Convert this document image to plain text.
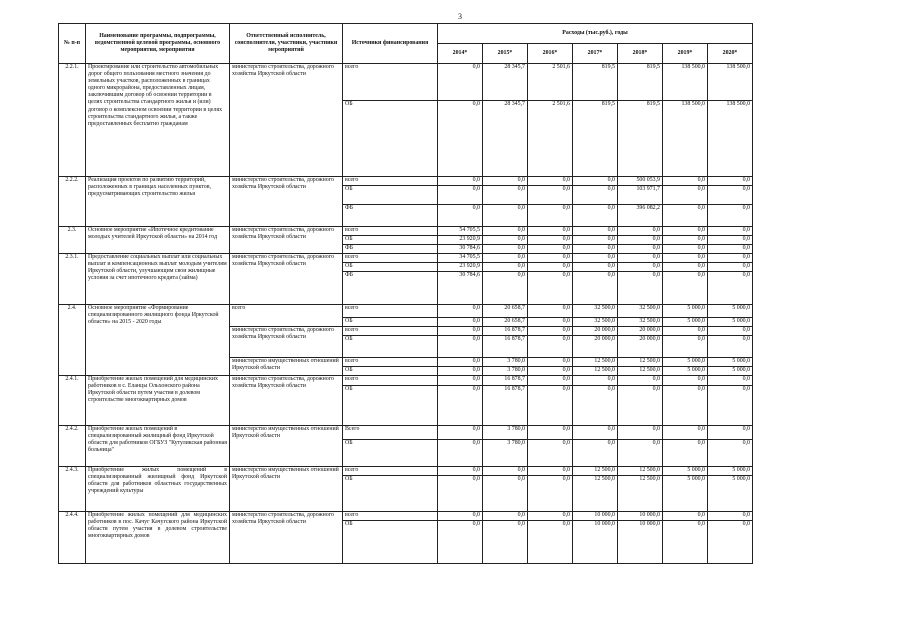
3
№ п-п	Наименование программы, подпрограммы, ведомственной целевой программы, основного мероприятия, мероприятия	Ответственный исполнитель, соисполнители, участники, участники мероприятий	Источники финансирования	Расходы (тыс.руб.), годы						
				2014*	2015*	2016*	2017*	2018*	2019*	2020*
2.2.1.	Проектирование или строительство автомобильных дорог общего пользования местного значения до земельных участков, расположенных в границах одного микрорайона, предоставленных лицам, заключившим договор об освоении территории в целях строительства стандартного жилья и (или) договор о комплексном освоении территории в целях строительства стандартного жилья, а также предоставленных бесплатно гражданам	министерство строительства, дорожного хозяйства Иркутской области	всего	0,0	28 345,7	2 501,6	819,5	819,5	138 500,0	138 500,0
			ОБ	0,0	28 345,7	2 501,6	819,5	819,5	138 500,0	138 500,0
2.2.2.	Реализация проектов по развитию территорий, расположенных в границах населенных пунктов, предусматривающих строительство жилья	министерство строительства, дорожного хозяйства Иркутской области	всего	0,0	0,0	0,0	0,0	500 053,9	0,0	0,0
			ОБ	0,0	0,0	0,0	0,0	103 971,7	0,0	0,0
			ФБ	0,0	0,0	0,0	0,0	396 082,2	0,0	0,0
2.3.	Основное мероприятие «Ипотечное кредитование молодых учителей Иркутской области» на 2014 год	министерство строительства, дорожного хозяйства Иркутской области	всего	54 705,5	0,0	0,0	0,0	0,0	0,0	0,0
			ОБ	23 920,9	0,0	0,0	0,0	0,0	0,0	0,0
			ФБ	30 784,6	0,0	0,0	0,0	0,0	0,0	0,0
2.3.1.	Предоставление социальных выплат или социальных выплат и компенсационных выплат молодым учителям Иркутской области, улучшающим свои жилищные условия за счет ипотечного кредита (займа)	министерство строительства, дорожного хозяйства Иркутской области	всего	34 705,5	0,0	0,0	0,0	0,0	0,0	0,0
			ОБ	23 920,9	0,0	0,0	0,0	0,0	0,0	0,0
			ФБ	30 784,6	0,0	0,0	0,0	0,0	0,0	0,0
2.4.	Основное мероприятие «Формирование специализированного жилищного фонда Иркутской области» на 2015 - 2020 годы	всего	всего	0,0	20 658,7	0,0	32 500,0	32 500,0	5 000,0	5 000,0
			ОБ	0,0	20 658,7	0,0	32 500,0	32 500,0	5 000,0	5 000,0
		министерство строительства, дорожного хозяйства Иркутской области	всего	0,0	16 878,7	0,0	20 000,0	20 000,0	0,0	0,0
			ОБ	0,0	16 878,7	0,0	20 000,0	20 000,0	0,0	0,0
		министерство имущественных отношений Иркутской области	всего	0,0	3 780,0	0,0	12 500,0	12 500,0	5 000,0	5 000,0
			ОБ	0,0	3 780,0	0,0	12 500,0	12 500,0	5 000,0	5 000,0
2.4.1.	Приобретение жилых помещений для медицинских работников в с. Еланцы Ольхонского района Иркутской области путем участия в долевом строительстве многоквартирных домов	министерство строительства, дорожного хозяйства Иркутской области	всего	0,0	16 878,7	0,0	0,0	0,0	0,0	0,0
			ОБ	0,0	16 878,7	0,0	0,0	0,0	0,0	0,0
2.4.2.	Приобретение жилых помещений в специализированный жилищный фонд Иркутской области для работников ОГБУЗ "Кутуликская районная больница"	министерство имущественных отношений Иркутской области	Всего	0,0	3 780,0	0,0	0,0	0,0	0,0	0,0
			ОБ	0,0	3 780,0	0,0	0,0	0,0	0,0	0,0
2.4.3.	Приобретение жилых помещений в специализированный жилищный фонд Иркутской области для работников областных государственных учреждений культуры	министерство имущественных отношений Иркутской области	всего	0,0	0,0	0,0	12 500,0	12 500,0	5 000,0	5 000,0
			ОБ	0,0	0,0	0,0	12 500,0	12 500,0	5 000,0	5 000,0
2.4.4.	Приобретение жилых помещений для медицинских работников в пос. Качуг Качугского района Иркутской области путем участия в долевом строительстве многоквартирных домов	министерство строительства, дорожного хозяйства Иркутской области	всего	0,0	0,0	0,0	10 000,0	10 000,0	0,0	0,0
			ОБ	0,0	0,0	0,0	10 000,0	10 000,0	0,0	0,0
